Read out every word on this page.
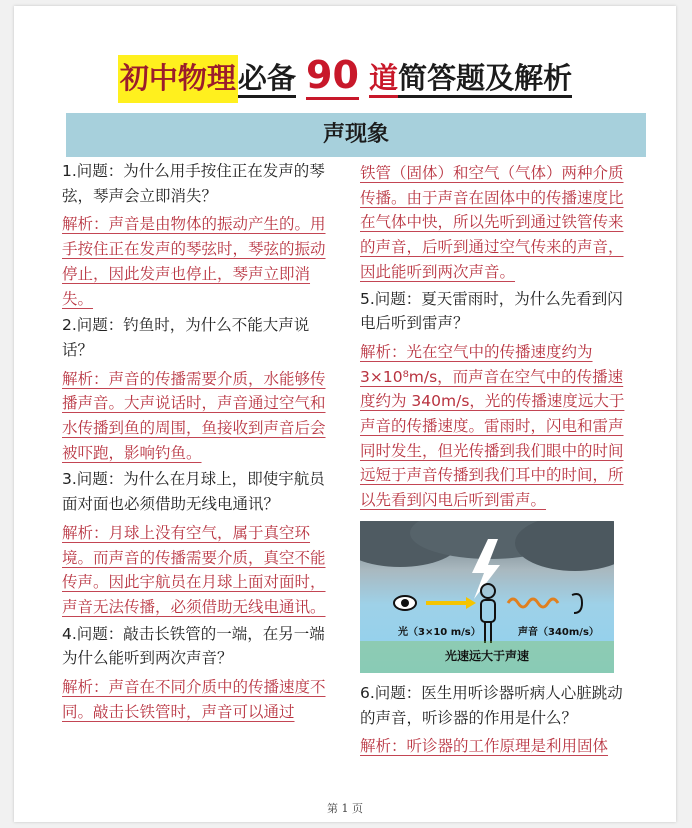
初中物理必备 90 道简答题及解析
声现象
1.问题：为什么用手按住正在发声的琴弦，琴声会立即消失？
解析：声音是由物体的振动产生的。用手按住正在发声的琴弦时，琴弦的振动停止，因此发声也停止，琴声立即消失。
2.问题：钓鱼时，为什么不能大声说话？
解析：声音的传播需要介质，水能够传播声音。大声说话时，声音通过空气和水传播到鱼的周围，鱼接收到声音后会被吓跑，影响钓鱼。
3.问题：为什么在月球上，即使宇航员面对面也必须借助无线电通讯？
解析：月球上没有空气，属于真空环境。而声音的传播需要介质，真空不能传声。因此宇航员在月球上面对面时，声音无法传播，必须借助无线电通讯。
4.问题：敲击长铁管的一端，在另一端为什么能听到两次声音？
解析：声音在不同介质中的传播速度不同。敲击长铁管时，声音可以通过
铁管（固体）和空气（气体）两种介质传播。由于声音在固体中的传播速度比在气体中快，所以先听到通过铁管传来的声音，后听到通过空气传来的声音，因此能听到两次声音。
5.问题：夏天雷雨时，为什么先看到闪电后听到雷声？
解析：光在空气中的传播速度约为 3×10⁸m/s，而声音在空气中的传播速度约为 340m/s，光的传播速度远大于声音的传播速度。雷雨时，闪电和雷声同时发生，但光传播到我们眼中的时间远短于声音传播到我们耳中的时间，所以先看到闪电后听到雷声。
光（3×10 m/s）	声音（340m/s）
光速远大于声速
6.问题：医生用听诊器听病人心脏跳动的声音，听诊器的作用是什么？
解析：听诊器的工作原理是利用固体
第 1 页
